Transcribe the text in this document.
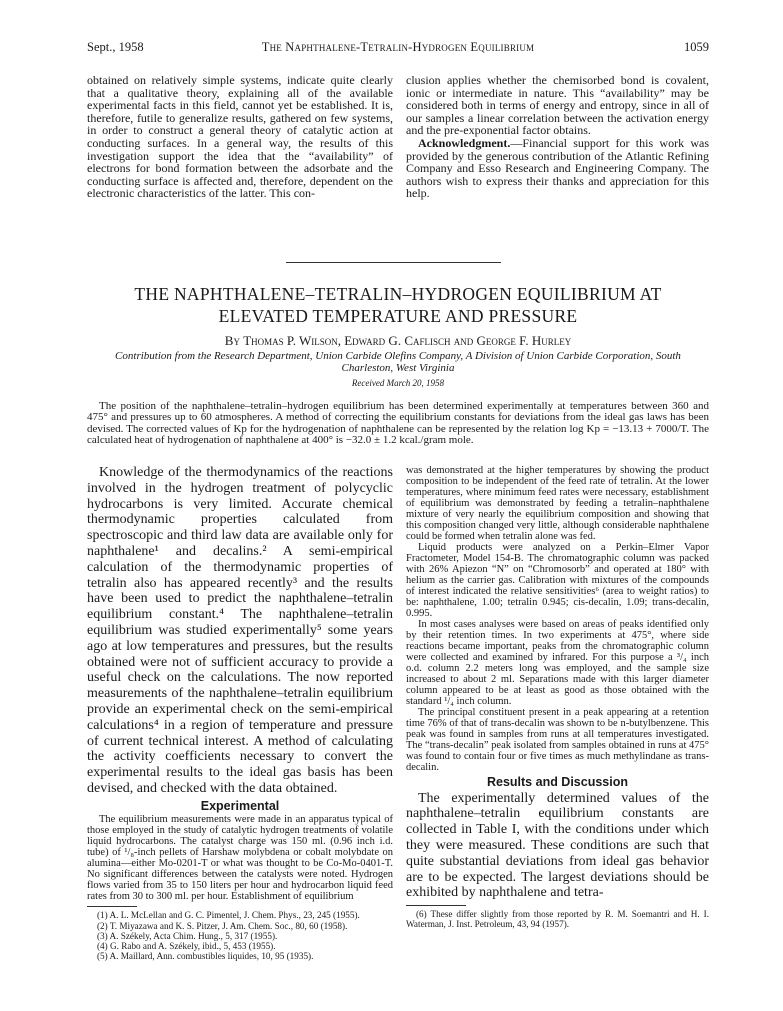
Sept., 1958	The Naphthalene-Tetralin-Hydrogen Equilibrium	1059

obtained on relatively simple systems, indicate quite clearly that a qualitative theory, explaining all of the available experimental facts in this field, cannot yet be established. It is, therefore, futile to generalize results, gathered on few systems, in order to construct a general theory of catalytic action at conducting surfaces. In a general way, the results of this investigation support the idea that the “availability” of electrons for bond formation between the adsorbate and the conducting surface is affected and, therefore, dependent on the electronic characteristics of the latter. This con-

clusion applies whether the chemisorbed bond is covalent, ionic or intermediate in nature. This “availability” may be considered both in terms of energy and entropy, since in all of our samples a linear correlation between the activation energy and the pre-exponential factor obtains.

Acknowledgment.—Financial support for this work was provided by the generous contribution of the Atlantic Refining Company and Esso Research and Engineering Company. The authors wish to express their thanks and appreciation for this help.

THE NAPHTHALENE–TETRALIN–HYDROGEN EQUILIBRIUM AT
ELEVATED TEMPERATURE AND PRESSURE
By Thomas P. Wilson, Edward G. Caflisch and George F. Hurley
Contribution from the Research Department, Union Carbide Olefins Company, A Division of Union Carbide Corporation, South
Charleston, West Virginia
Received March 20, 1958
The position of the naphthalene–tetralin–hydrogen equilibrium has been determined experimentally at temperatures between 360 and 475° and pressures up to 60 atmospheres. A method of correcting the equilibrium constants for deviations from the ideal gas laws has been devised. The corrected values of Kp for the hydrogenation of naphthalene can be represented by the relation log Kp = −13.13 + 7000/T. The calculated heat of hydrogenation of naphthalene at 400° is −32.0 ± 1.2 kcal./gram mole.

Knowledge of the thermodynamics of the reactions involved in the hydrogen treatment of polycyclic hydrocarbons is very limited. Accurate chemical thermodynamic properties calculated from spectroscopic and third law data are available only for naphthalene¹ and decalins.² A semi-empirical calculation of the thermodynamic properties of tetralin also has appeared recently³ and the results have been used to predict the naphthalene–tetralin equilibrium constant.⁴ The naphthalene–tetralin equilibrium was studied experimentally⁵ some years ago at low temperatures and pressures, but the results obtained were not of sufficient accuracy to provide a useful check on the calculations. The now reported measurements of the naphthalene–tetralin equilibrium provide an experimental check on the semi-empirical calculations⁴ in a region of temperature and pressure of current technical interest. A method of calculating the activity coefficients necessary to convert the experimental results to the ideal gas basis has been devised, and checked with the data obtained.

Experimental

The equilibrium measurements were made in an apparatus typical of those employed in the study of catalytic hydrogen treatments of volatile liquid hydrocarbons. The catalyst charge was 150 ml. (0.96 inch i.d. tube) of ¹/₈-inch pellets of Harshaw molybdena or cobalt molybdate on alumina—either Mo-0201-T or what was thought to be Co-Mo-0401-T. No significant differences between the catalysts were noted. Hydrogen flows varied from 35 to 150 liters per hour and hydrocarbon liquid feed rates from 30 to 300 ml. per hour. Establishment of equilibrium

(1) A. L. McLellan and G. C. Pimentel, J. Chem. Phys., 23, 245 (1955).

(2) T. Miyazawa and K. S. Pitzer, J. Am. Chem. Soc., 80, 60 (1958).

(3) A. Székely, Acta Chim. Hung., 5, 317 (1955).

(4) G. Rabo and A. Székely, ibid., 5, 453 (1955).

(5) A. Maillard, Ann. combustibles liquides, 10, 95 (1935).

was demonstrated at the higher temperatures by showing the product composition to be independent of the feed rate of tetralin. At the lower temperatures, where minimum feed rates were necessary, establishment of equilibrium was demonstrated by feeding a tetralin–naphthalene mixture of very nearly the equilibrium composition and showing that this composition changed very little, although considerable naphthalene could be formed when tetralin alone was fed.

Liquid products were analyzed on a Perkin–Elmer Vapor Fractometer, Model 154-B. The chromatographic column was packed with 26% Apiezon “N” on “Chromosorb” and operated at 180° with helium as the carrier gas. Calibration with mixtures of the compounds of interest indicated the relative sensitivities⁶ (area to weight ratios) to be: naphthalene, 1.00; tetralin 0.945; cis-decalin, 1.09; trans-decalin, 0.995.

In most cases analyses were based on areas of peaks identified only by their retention times. In two experiments at 475°, where side reactions became important, peaks from the chromatographic column were collected and examined by infrared. For this purpose a ³/₄ inch o.d. column 2.2 meters long was employed, and the sample size increased to about 2 ml. Separations made with this larger diameter column appeared to be at least as good as those obtained with the standard ¹/₄ inch column.

The principal constituent present in a peak appearing at a retention time 76% of that of trans-decalin was shown to be n-butylbenzene. This peak was found in samples from runs at all temperatures investigated. The “trans-decalin” peak isolated from samples obtained in runs at 475° was found to contain four or five times as much methylindane as trans-decalin.

Results and Discussion

The experimentally determined values of the naphthalene–tetralin equilibrium constants are collected in Table I, with the conditions under which they were measured. These conditions are such that quite substantial deviations from ideal gas behavior are to be expected. The largest deviations should be exhibited by naphthalene and tetra-

(6) These differ slightly from those reported by R. M. Soemantri and H. I. Waterman, J. Inst. Petroleum, 43, 94 (1957).
